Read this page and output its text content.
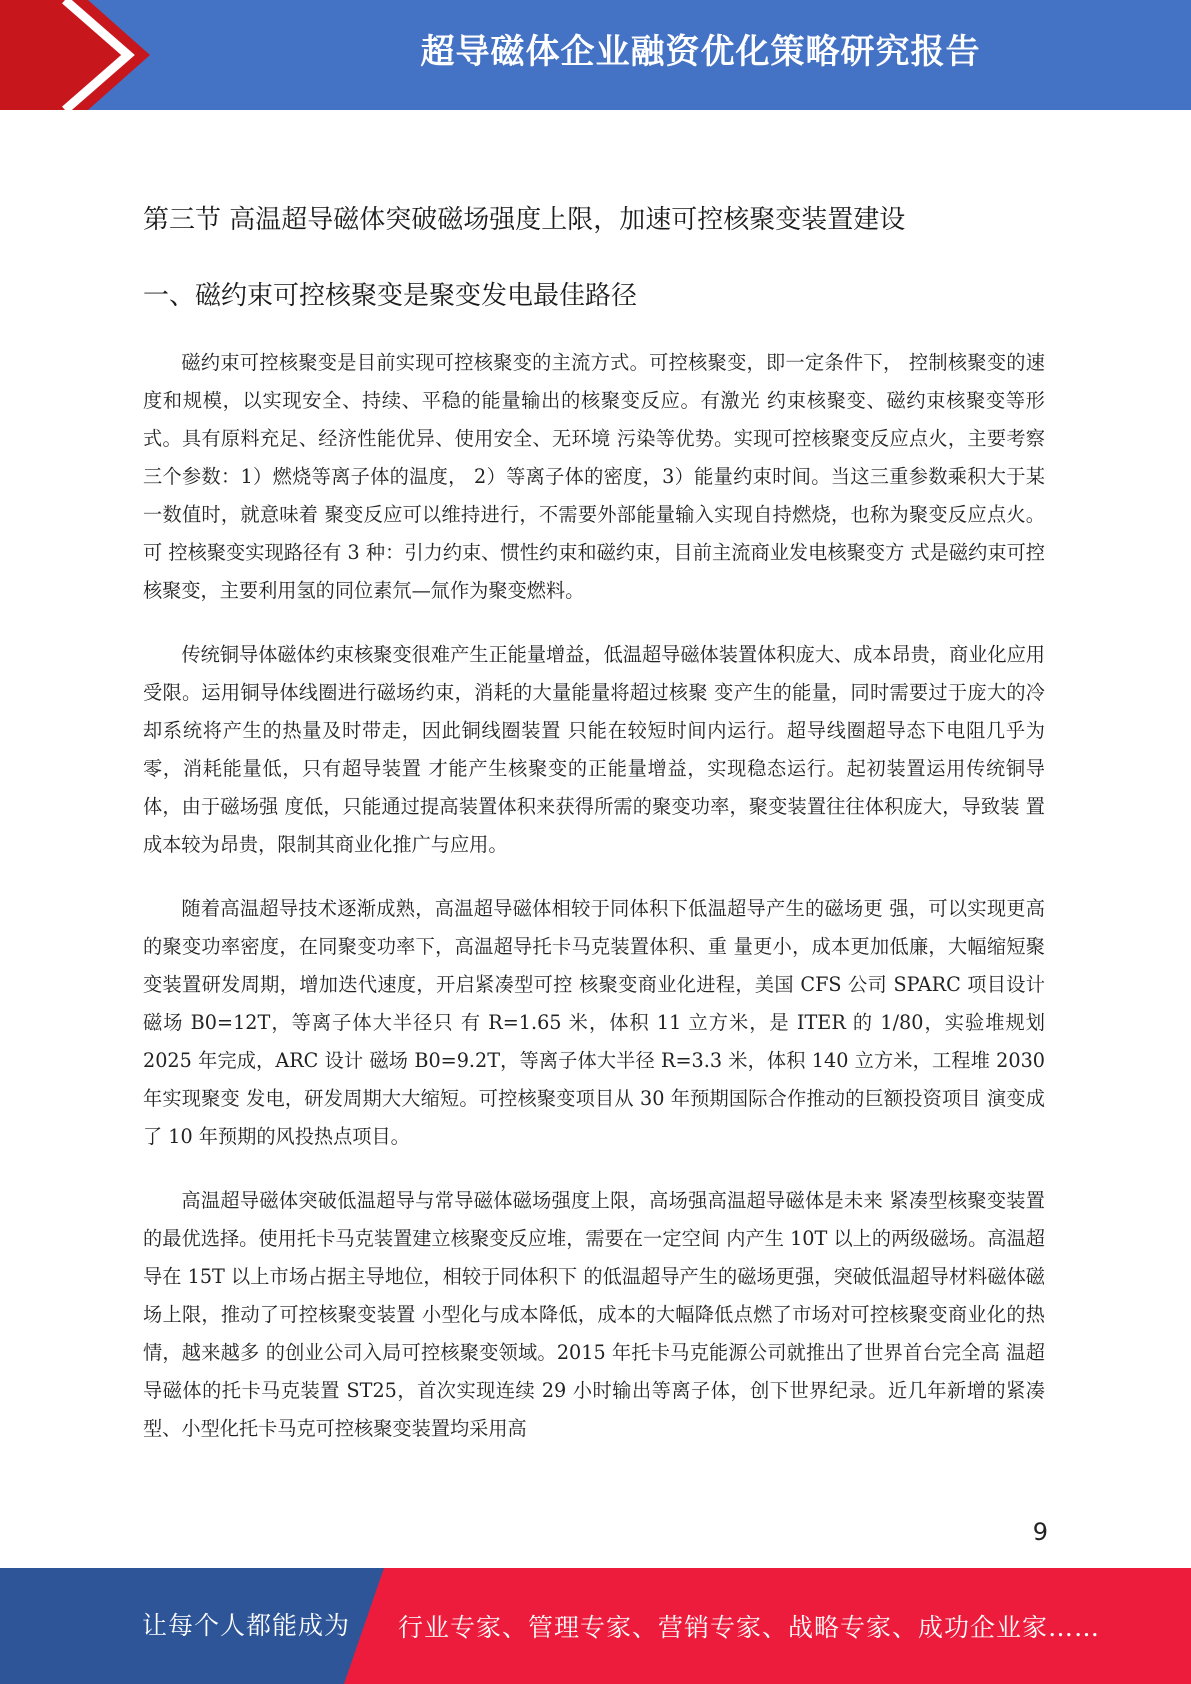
超导磁体企业融资优化策略研究报告
第三节 高温超导磁体突破磁场强度上限，加速可控核聚变装置建设
一、磁约束可控核聚变是聚变发电最佳路径

磁约束可控核聚变是目前实现可控核聚变的主流方式。可控核聚变，即一定条件下， 控制核聚变的速度和规模，以实现安全、持续、平稳的能量输出的核聚变反应。有激光 约束核聚变、磁约束核聚变等形式。具有原料充足、经济性能优异、使用安全、无环境 污染等优势。实现可控核聚变反应点火，主要考察三个参数：1）燃烧等离子体的温度， 2）等离子体的密度，3）能量约束时间。当这三重参数乘积大于某一数值时，就意味着 聚变反应可以维持进行，不需要外部能量输入实现自持燃烧，也称为聚变反应点火。可 控核聚变实现路径有 3 种：引力约束、惯性约束和磁约束，目前主流商业发电核聚变方 式是磁约束可控核聚变，主要利用氢的同位素氘—氚作为聚变燃料。

传统铜导体磁体约束核聚变很难产生正能量增益，低温超导磁体装置体积庞大、成本昂贵，商业化应用受限。运用铜导体线圈进行磁场约束，消耗的大量能量将超过核聚 变产生的能量，同时需要过于庞大的冷却系统将产生的热量及时带走，因此铜线圈装置 只能在较短时间内运行。超导线圈超导态下电阻几乎为零，消耗能量低，只有超导装置 才能产生核聚变的正能量增益，实现稳态运行。起初装置运用传统铜导体，由于磁场强 度低，只能通过提高装置体积来获得所需的聚变功率，聚变装置往往体积庞大，导致装 置成本较为昂贵，限制其商业化推广与应用。

随着高温超导技术逐渐成熟，高温超导磁体相较于同体积下低温超导产生的磁场更 强，可以实现更高的聚变功率密度，在同聚变功率下，高温超导托卡马克装置体积、重 量更小，成本更加低廉，大幅缩短聚变装置研发周期，增加迭代速度，开启紧凑型可控 核聚变商业化进程，美国 CFS 公司 SPARC 项目设计磁场 B0=12T，等离子体大半径只 有 R=1.65 米，体积 11 立方米，是 ITER 的 1/80，实验堆规划 2025 年完成，ARC 设计 磁场 B0=9.2T，等离子体大半径 R=3.3 米，体积 140 立方米，工程堆 2030 年实现聚变 发电，研发周期大大缩短。可控核聚变项目从 30 年预期国际合作推动的巨额投资项目 演变成了 10 年预期的风投热点项目。

高温超导磁体突破低温超导与常导磁体磁场强度上限，高场强高温超导磁体是未来 紧凑型核聚变装置的最优选择。使用托卡马克装置建立核聚变反应堆，需要在一定空间 内产生 10T 以上的两级磁场。高温超导在 15T 以上市场占据主导地位，相较于同体积下 的低温超导产生的磁场更强，突破低温超导材料磁体磁场上限，推动了可控核聚变装置 小型化与成本降低，成本的大幅降低点燃了市场对可控核聚变商业化的热情，越来越多 的创业公司入局可控核聚变领域。2015 年托卡马克能源公司就推出了世界首台完全高 温超导磁体的托卡马克装置 ST25，首次实现连续 29 小时输出等离子体，创下世界纪录。近几年新增的紧凑型、小型化托卡马克可控核聚变装置均采用高

9
让每个人都能成为 行业专家、管理专家、营销专家、战略专家、成功企业家……
